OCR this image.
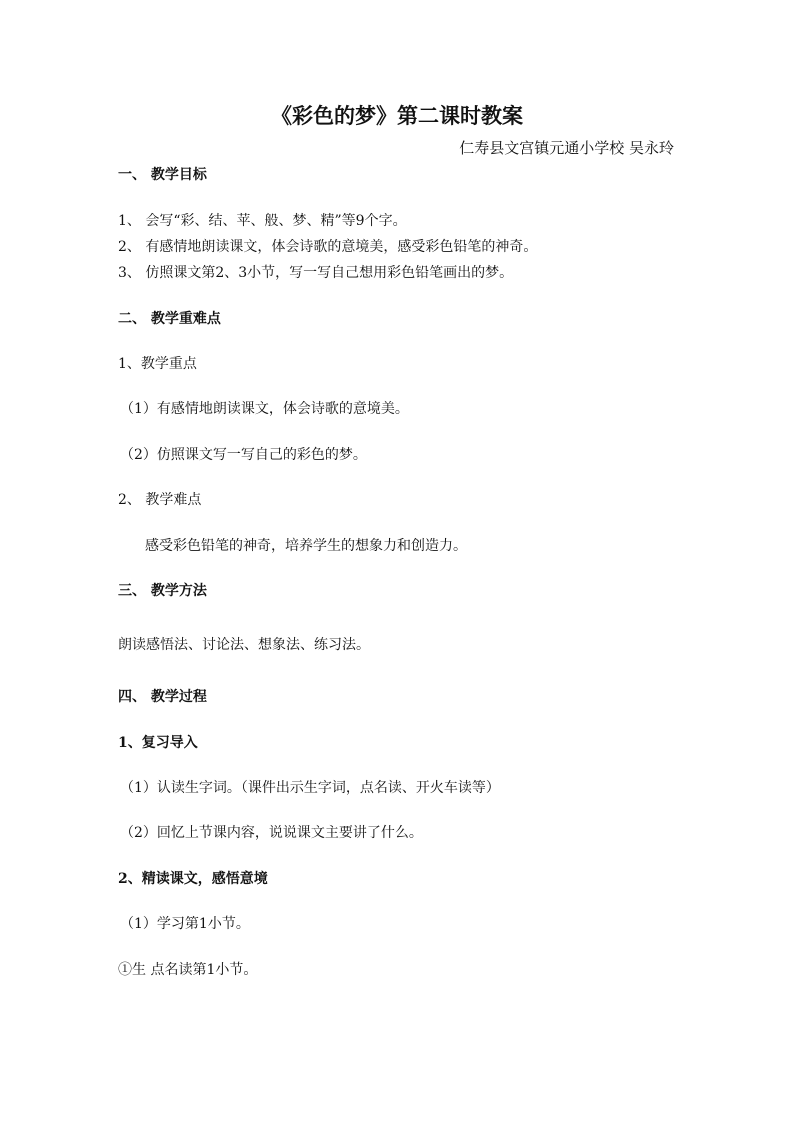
《彩色的梦》第二课时教案
仁寿县文宫镇元通小学校 吴永玲
一、 教学目标
1、 会写“彩、结、苹、般、梦、精”等9个字。
2、 有感情地朗读课文，体会诗歌的意境美，感受彩色铅笔的神奇。
3、 仿照课文第2、3小节，写一写自己想用彩色铅笔画出的梦。
二、 教学重难点
1、教学重点
（1）有感情地朗读课文，体会诗歌的意境美。
（2）仿照课文写一写自己的彩色的梦。
2、 教学难点
感受彩色铅笔的神奇，培养学生的想象力和创造力。
三、 教学方法
朗读感悟法、讨论法、想象法、练习法。
四、 教学过程
1、复习导入
（1）认读生字词。（课件出示生字词，点名读、开火车读等）
（2）回忆上节课内容，说说课文主要讲了什么。
2、精读课文，感悟意境
（1）学习第1小节。
①生 点名读第1小节。
